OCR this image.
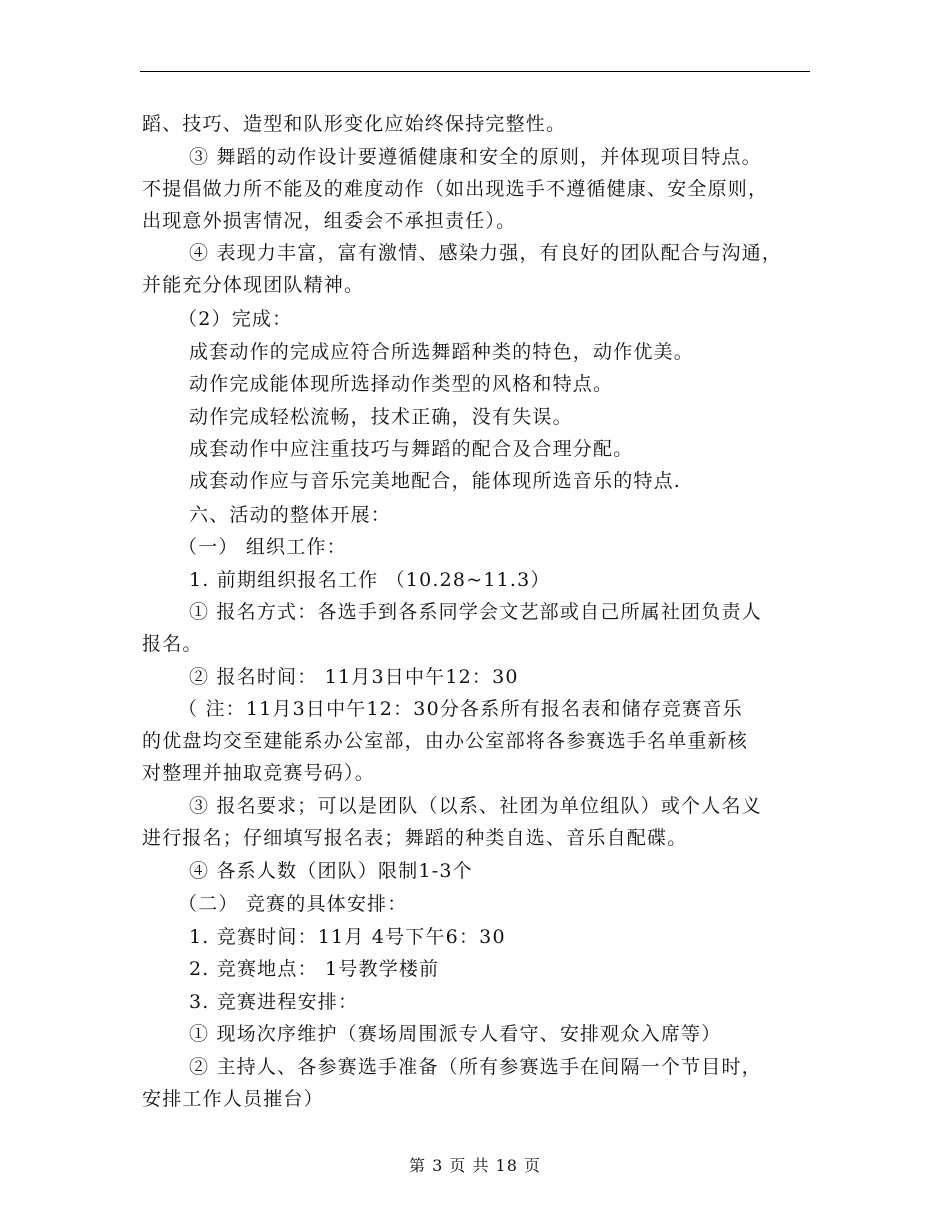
蹈、技巧、造型和队形变化应始终保持完整性。
③ 舞蹈的动作设计要遵循健康和安全的原则，并体现项目特点。
不提倡做力所不能及的难度动作（如出现选手不遵循健康、安全原则，
出现意外损害情况，组委会不承担责任）。
④ 表现力丰富，富有激情、感染力强，有良好的团队配合与沟通，
并能充分体现团队精神。
（2）完成：
成套动作的完成应符合所选舞蹈种类的特色，动作优美。
动作完成能体现所选择动作类型的风格和特点。
动作完成轻松流畅，技术正确，没有失误。
成套动作中应注重技巧与舞蹈的配合及合理分配。
成套动作应与音乐完美地配合，能体现所选音乐的特点.
六、活动的整体开展：
（一） 组织工作：
1. 前期组织报名工作 （10.28~11.3）
① 报名方式：各选手到各系同学会文艺部或自己所属社团负责人
报名。
② 报名时间： 11月3日中午12：30
（ 注：11月3日中午12：30分各系所有报名表和储存竞赛音乐
的优盘均交至建能系办公室部，由办公室部将各参赛选手名单重新核
对整理并抽取竞赛号码）。
③ 报名要求；可以是团队（以系、社团为单位组队）或个人名义
进行报名；仔细填写报名表；舞蹈的种类自选、音乐自配碟。
④ 各系人数（团队）限制1-3个
（二） 竞赛的具体安排：
1. 竞赛时间：11月 4号下午6：30
2. 竞赛地点： 1号教学楼前
3. 竞赛进程安排：
① 现场次序维护（赛场周围派专人看守、安排观众入席等）
② 主持人、各参赛选手准备（所有参赛选手在间隔一个节目时，
安排工作人员摧台）
第 3 页 共 18 页
